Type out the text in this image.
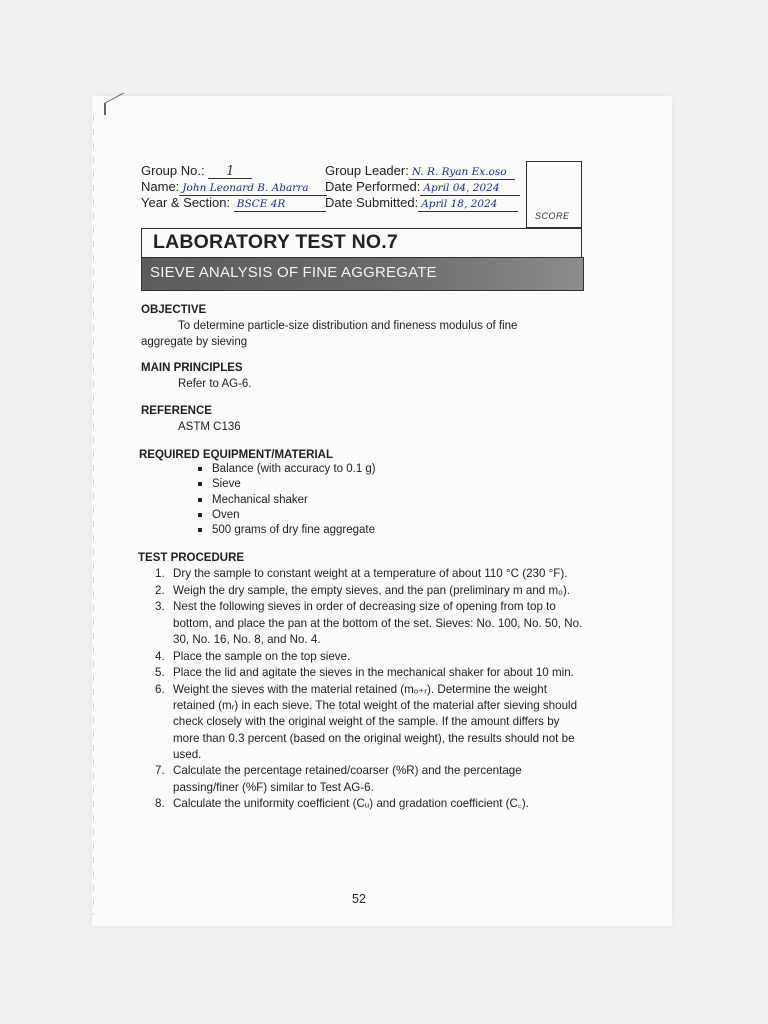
Group No.: 1
Name: John Leonard B. Abarra
Year & Section: BSCE 4R
Group Leader: N. R. Ryan Ex.oso
Date Performed: April 04, 2024
Date Submitted: April 18, 2024
SCORE
LABORATORY TEST NO.7
SIEVE ANALYSIS OF FINE AGGREGATE
OBJECTIVE
To determine particle-size distribution and fineness modulus of fine
aggregate by sieving
MAIN PRINCIPLES
Refer to AG-6.
REFERENCE
ASTM C136
REQUIRED EQUIPMENT/MATERIAL
Balance (with accuracy to 0.1 g)
Sieve
Mechanical shaker
Oven
500 grams of dry fine aggregate
TEST PROCEDURE
1. Dry the sample to constant weight at a temperature of about 110 °C (230 °F).
2. Weigh the dry sample, the empty sieves, and the pan (preliminary m and m₀).
3. Nest the following sieves in order of decreasing size of opening from top to bottom, and place the pan at the bottom of the set. Sieves: No. 100, No. 50, No. 30, No. 16, No. 8, and No. 4.
4. Place the sample on the top sieve.
5. Place the lid and agitate the sieves in the mechanical shaker for about 10 min.
6. Weight the sieves with the material retained (mₒ₊ᵣ). Determine the weight retained (mᵣ) in each sieve. The total weight of the material after sieving should check closely with the original weight of the sample. If the amount differs by more than 0.3 percent (based on the original weight), the results should not be used.
7. Calculate the percentage retained/coarser (%R) and the percentage passing/finer (%F) similar to Test AG-6.
8. Calculate the uniformity coefficient (Cᵤ) and gradation coefficient (C꜀).
52
